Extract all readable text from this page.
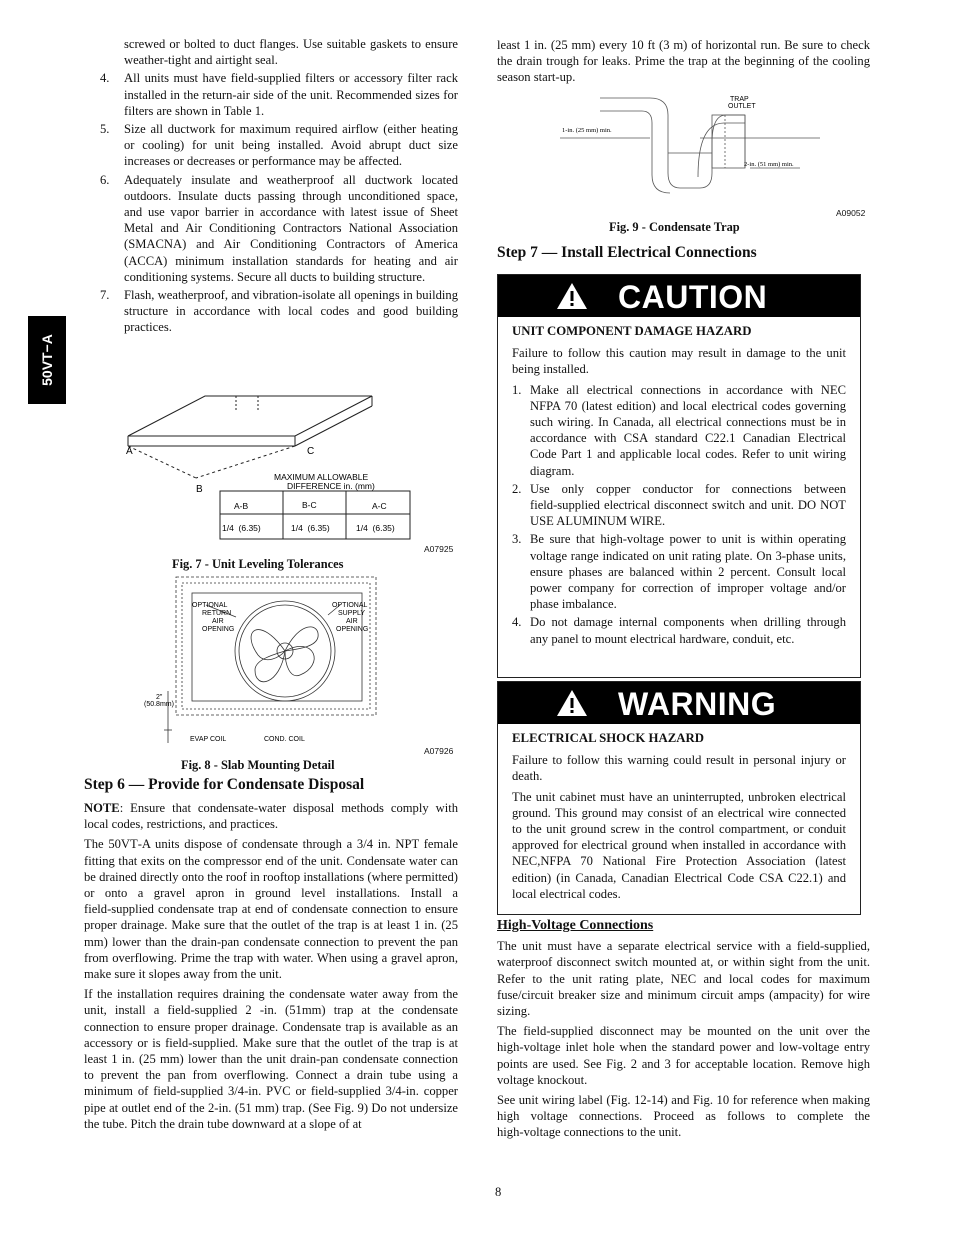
50VT−A
screwed or bolted to duct flanges. Use suitable gaskets to ensure weather‑tight and airtight seal.
4.	All units must have field‑supplied filters or accessory filter rack installed in the return‑air side of the unit. Recommended sizes for filters are shown in Table 1.
5.	Size all ductwork for maximum required airflow (either heating or cooling) for unit being installed. Avoid abrupt duct size increases or decreases or performance may be affected.
6.	Adequately insulate and weatherproof all ductwork located outdoors. Insulate ducts passing through unconditioned space, and use vapor barrier in accordance with latest issue of Sheet Metal and Air Conditioning Contractors National Association (SMACNA) and Air Conditioning Contractors of America (ACCA) minimum installation standards for heating and air conditioning systems. Secure all ducts to building structure.
7.	Flash, weatherproof, and vibration‑isolate all openings in building structure in accordance with local codes and good building practices.
A	C
B
MAXIMUM ALLOWABLE
DIFFERENCE in. (mm)
A‑B	B‑C	A‑C
1/4  (6.35)	1/4  (6.35)	1/4  (6.35)
A07925
Fig. 7 ‑ Unit Leveling Tolerances
OPTIONAL
RETURN
AIR
OPENING
OPTIONAL
SUPPLY
AIR
OPENING
2"
(50.8mm)
EVAP COIL	COND. COIL
A07926
Fig. 8 ‑ Slab Mounting Detail
Step 6 — Provide for Condensate Disposal

NOTE: Ensure that condensate‑water disposal methods comply with local codes, restrictions, and practices.

The 50VT‑A units dispose of condensate through a 3/4 in. NPT female fitting that exits on the compressor end of the unit. Condensate water can be drained directly onto the roof in rooftop installations (where permitted) or onto a gravel apron in ground level installations. Install a field‑supplied condensate trap at end of condensate connection to ensure proper drainage. Make sure that the outlet of the trap is at least 1 in. (25 mm) lower than the drain‑pan condensate connection to prevent the pan from overflowing. Prime the trap with water. When using a gravel apron, make sure it slopes away from the unit.

If the installation requires draining the condensate water away from the unit, install a field‑supplied 2 ‑in. (51mm) trap at the condensate connection to ensure proper drainage. Condensate trap is available as an accessory or is field‑supplied. Make sure that the outlet of the trap is at least 1 in. (25 mm) lower than the unit drain‑pan condensate connection to prevent the pan from overflowing. Connect a drain tube using a minimum of field‑supplied 3/4‑in. PVC or field‑supplied 3/4‑in. copper pipe at outlet end of the 2‑in. (51 mm) trap. (See Fig. 9) Do not undersize the tube. Pitch the drain tube downward at a slope of at

least 1 in. (25 mm) every 10 ft (3 m) of horizontal run. Be sure to check the drain trough for leaks. Prime the trap at the beginning of the cooling season start‑up.
TRAP
OUTLET
1‑in. (25 mm) min.
2‑in. (51 mm) min.
A09052
Fig. 9 ‑ Condensate Trap
Step 7 — Install Electrical Connections
CAUTION
UNIT COMPONENT DAMAGE HAZARD

Failure to follow this caution may result in damage to the unit being installed.

1. Make all electrical connections in accordance with NEC NFPA 70 (latest edition) and local electrical codes governing such wiring. In Canada, all electrical connections must be in accordance with CSA standard C22.1 Canadian Electrical Code Part 1 and applicable local codes. Refer to unit wiring diagram.
2. Use only copper conductor for connections between field‑supplied electrical disconnect switch and unit. DO NOT USE ALUMINUM WIRE.
3. Be sure that high‑voltage power to unit is within operating voltage range indicated on unit rating plate. On 3‑phase units, ensure phases are balanced within 2 percent. Consult local power company for correction of improper voltage and/or phase imbalance.
4. Do not damage internal components when drilling through any panel to mount electrical hardware, conduit, etc.
WARNING
ELECTRICAL SHOCK HAZARD

Failure to follow this warning could result in personal injury or death.

The unit cabinet must have an uninterrupted, unbroken electrical ground. This ground may consist of an electrical wire connected to the unit ground screw in the control compartment, or conduit approved for electrical ground when installed in accordance with NEC,NFPA 70 National Fire Protection Association (latest edition) (in Canada, Canadian Electrical Code CSA C22.1) and local electrical codes.

High‑Voltage Connections

The unit must have a separate electrical service with a field‑supplied, waterproof disconnect switch mounted at, or within sight from the unit. Refer to the unit rating plate, NEC and local codes for maximum fuse/circuit breaker size and minimum circuit amps (ampacity) for wire sizing.

The field‑supplied disconnect may be mounted on the unit over the high‑voltage inlet hole when the standard power and low‑voltage entry points are used. See Fig. 2 and 3 for acceptable location. Remove high voltage knockout.

See unit wiring label (Fig. 12‑14) and Fig. 10 for reference when making high voltage connections. Proceed as follows to complete the high‑voltage connections to the unit.

8
